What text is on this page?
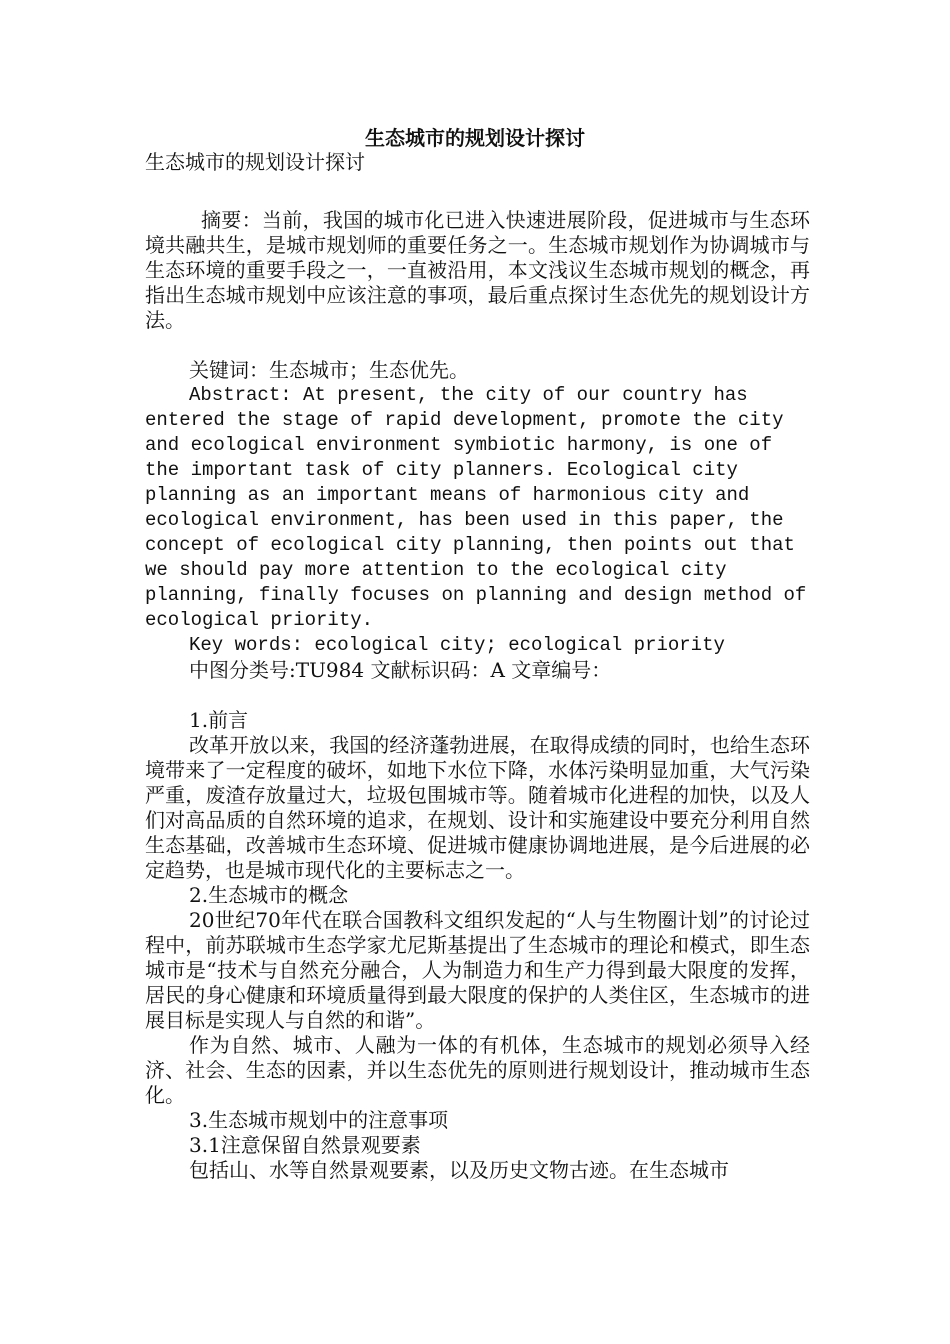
生态城市的规划设计探讨

生态城市的规划设计探讨

摘要：当前，我国的城市化已进入快速进展阶段，促进城市与生态环境共融共生，是城市规划师的重要任务之一。生态城市规划作为协调城市与生态环境的重要手段之一，一直被沿用，本文浅议生态城市规划的概念，再指出生态城市规划中应该注意的事项，最后重点探讨生态优先的规划设计方法。

关键词：生态城市；生态优先。

Abstract: At present, the city of our country has entered the stage of rapid development, promote the city and ecological environment symbiotic harmony, is one of the important task of city planners. Ecological city planning as an important means of harmonious city and ecological environment, has been used in this paper, the concept of ecological city planning, then points out that we should pay more attention to the ecological city planning, finally focuses on planning and design method of ecological priority.

Key words: ecological city; ecological priority

中图分类号:TU984 文献标识码：A 文章编号：

1.前言

改革开放以来，我国的经济蓬勃进展，在取得成绩的同时，也给生态环境带来了一定程度的破坏，如地下水位下降，水体污染明显加重，大气污染严重，废渣存放量过大，垃圾包围城市等。随着城市化进程的加快，以及人们对高品质的自然环境的追求，在规划、设计和实施建设中要充分利用自然生态基础，改善城市生态环境、促进城市健康协调地进展，是今后进展的必定趋势，也是城市现代化的主要标志之一。

2.生态城市的概念

20世纪70年代在联合国教科文组织发起的“人与生物圈计划”的讨论过程中，前苏联城市生态学家尤尼斯基提出了生态城市的理论和模式，即生态城市是“技术与自然充分融合，人为制造力和生产力得到最大限度的发挥，居民的身心健康和环境质量得到最大限度的保护的人类住区，生态城市的进展目标是实现人与自然的和谐”。

作为自然、城市、人融为一体的有机体，生态城市的规划必须导入经济、社会、生态的因素，并以生态优先的原则进行规划设计，推动城市生态化。

3.生态城市规划中的注意事项

3.1注意保留自然景观要素

包括山、水等自然景观要素，以及历史文物古迹。在生态城市
